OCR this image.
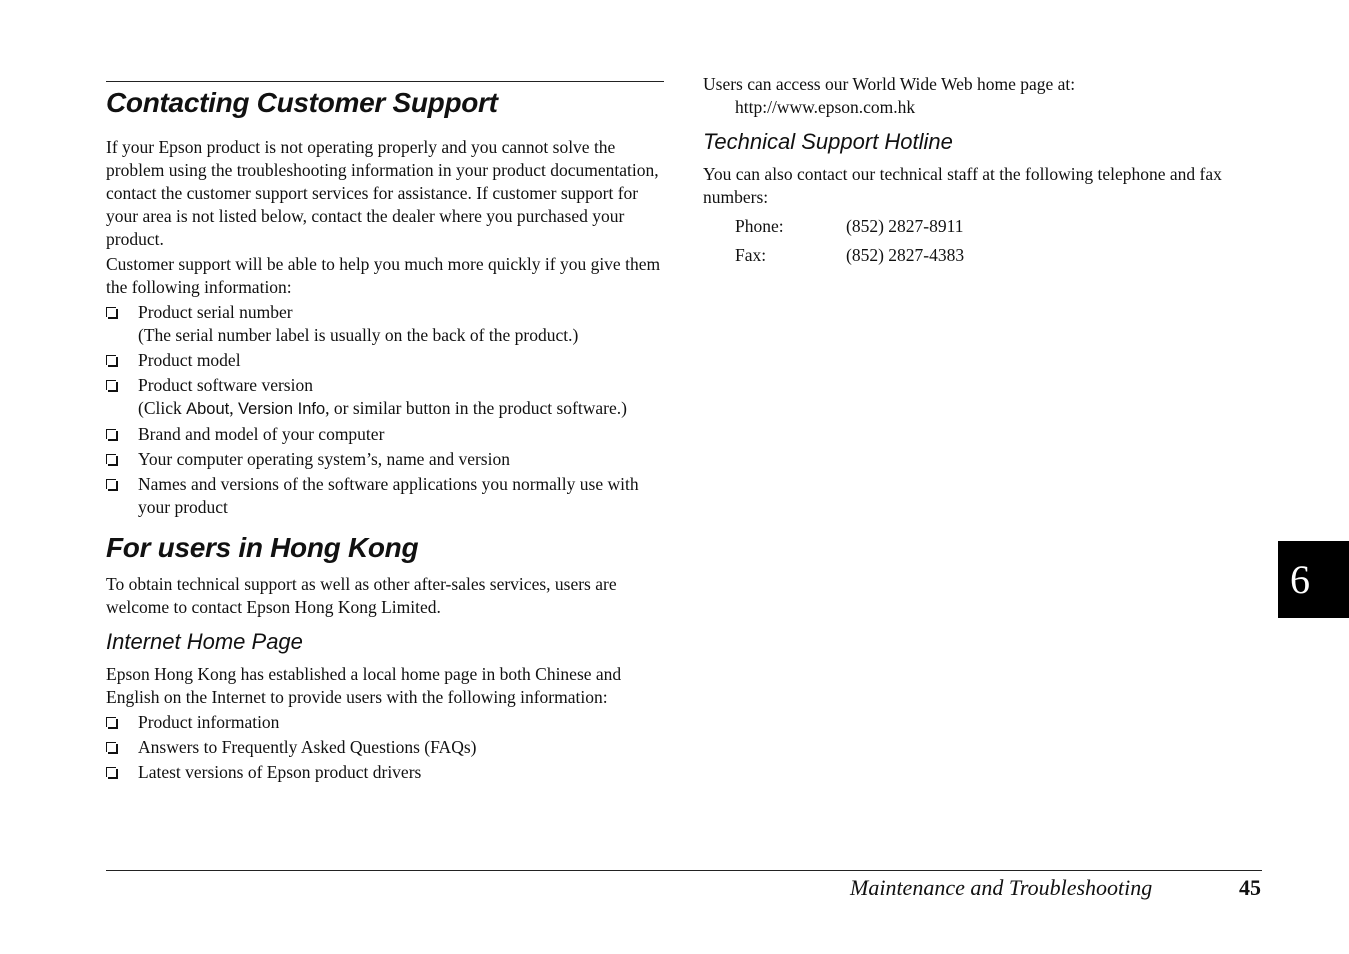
Contacting Customer Support

If your Epson product is not operating properly and you cannot solve the problem using the troubleshooting information in your product documentation, contact the customer support services for assistance. If customer support for your area is not listed below, contact the dealer where you purchased your product.

Customer support will be able to help you much more quickly if you give them the following information:

Product serial number
(The serial number label is usually on the back of the product.)
Product model
Product software version
(Click About, Version Info, or similar button in the product software.)
Brand and model of your computer
Your computer operating system’s, name and version
Names and versions of the software applications you normally use with your product
For users in Hong Kong

To obtain technical support as well as other after-sales services, users are welcome to contact Epson Hong Kong Limited.

Internet Home Page

Epson Hong Kong has established a local home page in both Chinese and English on the Internet to provide users with the following information:

Product information
Answers to Frequently Asked Questions (FAQs)
Latest versions of Epson product drivers

Users can access our World Wide Web home page at:

http://www.epson.com.hk

Technical Support Hotline

You can also contact our technical staff at the following telephone and fax numbers:

Phone:	(852) 2827-8911
Fax:	(852) 2827-4383
6
Maintenance and Troubleshooting	45
